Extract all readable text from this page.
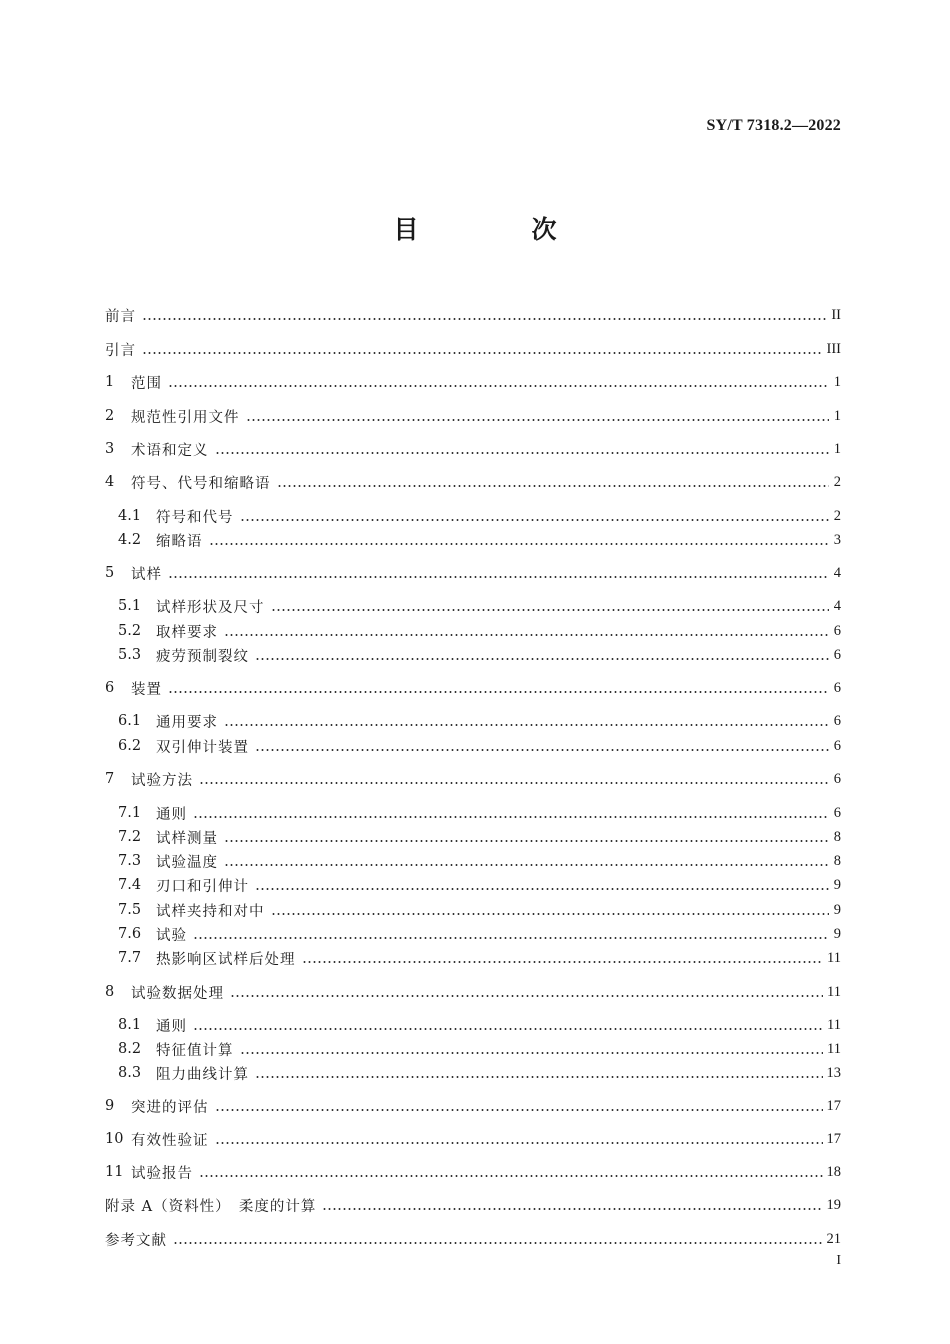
SY/T 7318.2—2022
目　次
前言	II
引言	III
1	范围	1
2	规范性引用文件	1
3	术语和定义	1
4	符号、代号和缩略语	2
4.1	符号和代号	2
4.2	缩略语	3
5	试样	4
5.1	试样形状及尺寸	4
5.2	取样要求	6
5.3	疲劳预制裂纹	6
6	装置	6
6.1	通用要求	6
6.2	双引伸计装置	6
7	试验方法	6
7.1	通则	6
7.2	试样测量	8
7.3	试验温度	8
7.4	刃口和引伸计	9
7.5	试样夹持和对中	9
7.6	试验	9
7.7	热影响区试样后处理	11
8	试验数据处理	11
8.1	通则	11
8.2	特征值计算	11
8.3	阻力曲线计算	13
9	突进的评估	17
10 有效性验证	17
11 试验报告	18
附录 A（资料性）　柔度的计算	19
参考文献	21
I
